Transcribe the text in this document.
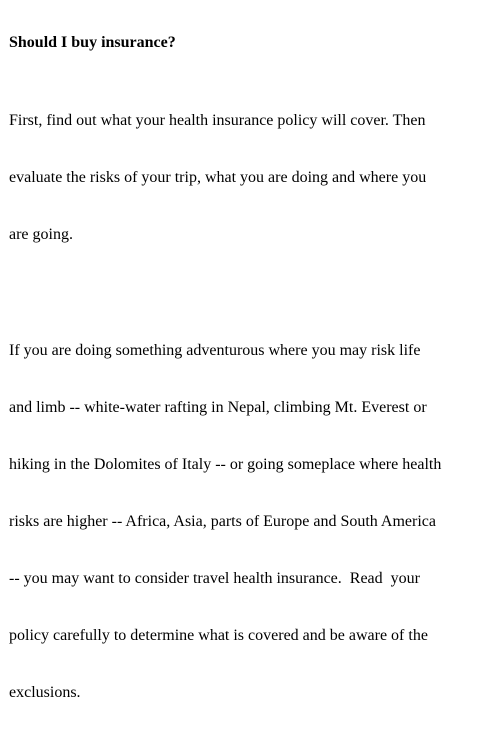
Should I buy insurance?

First, find out what your health insurance policy will cover. Then

evaluate the risks of your trip, what you are doing and where you

are going.

If you are doing something adventurous where you may risk life

and limb -- white-water rafting in Nepal, climbing Mt. Everest or

hiking in the Dolomites of Italy -- or going someplace where health

risks are higher -- Africa, Asia, parts of Europe and South America

-- you may want to consider travel health insurance.  Read  your

policy carefully to determine what is covered and be aware of the

exclusions.
